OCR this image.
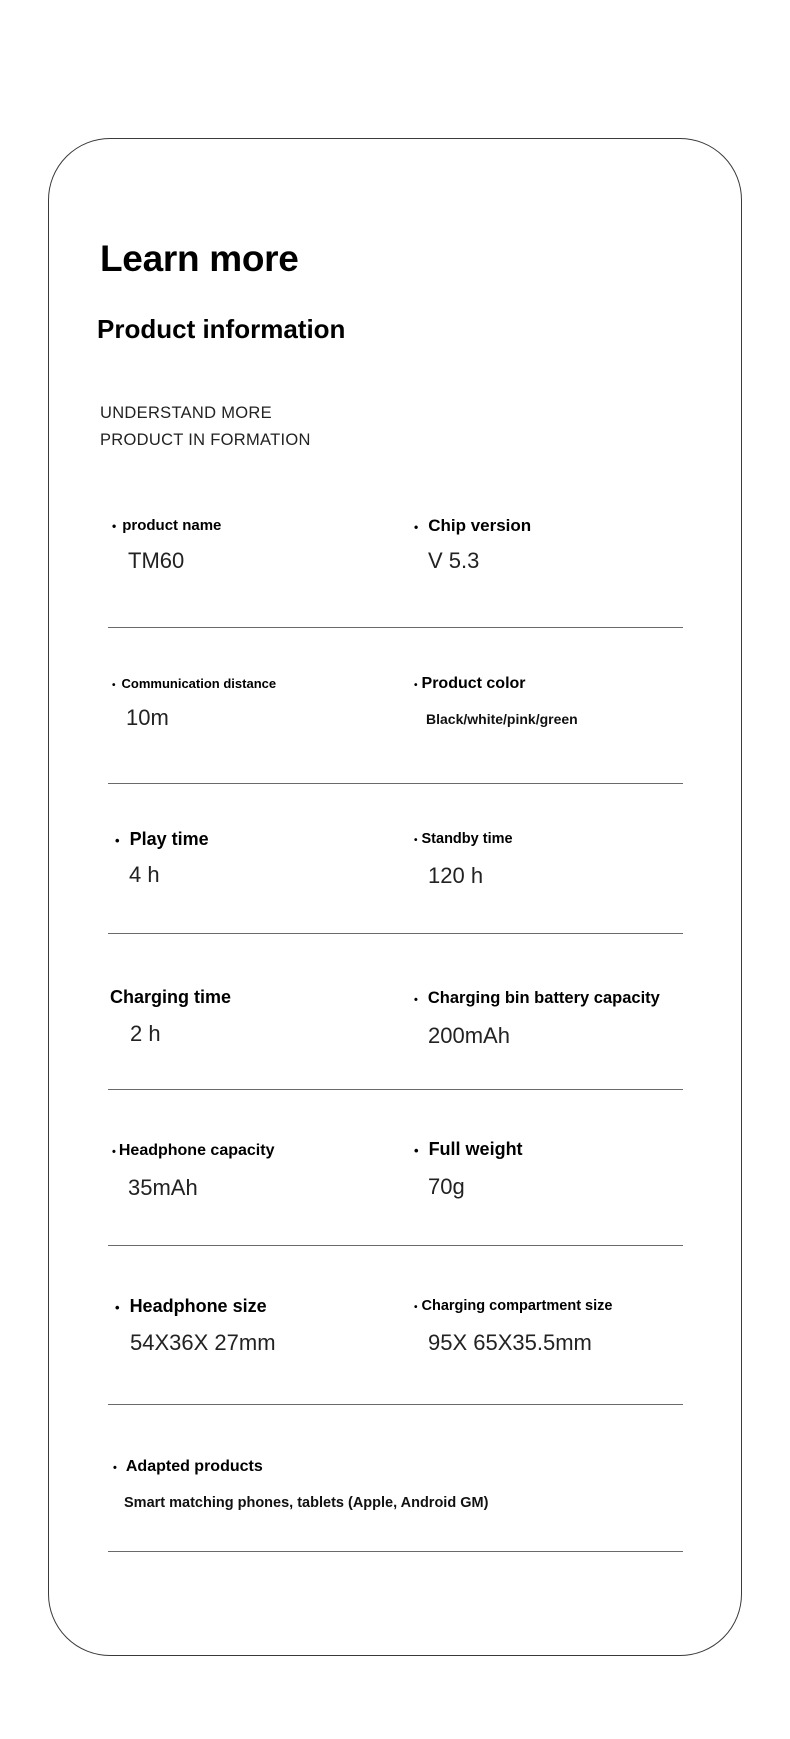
Learn more
Product information
UNDERSTAND MORE
PRODUCT IN FORMATION
• product name
TM60
• Chip version
V 5.3
• Communication distance
10m
• Product color
Black/white/pink/green
• Play time
4 h
• Standby time
120 h
Charging time
2 h
• Charging bin battery capacity
200mAh
• Headphone capacity
35mAh
• Full weight
70g
• Headphone size
54X36X 27mm
• Charging compartment size
95X 65X35.5mm
• Adapted products
Smart matching phones, tablets (Apple, Android GM)
